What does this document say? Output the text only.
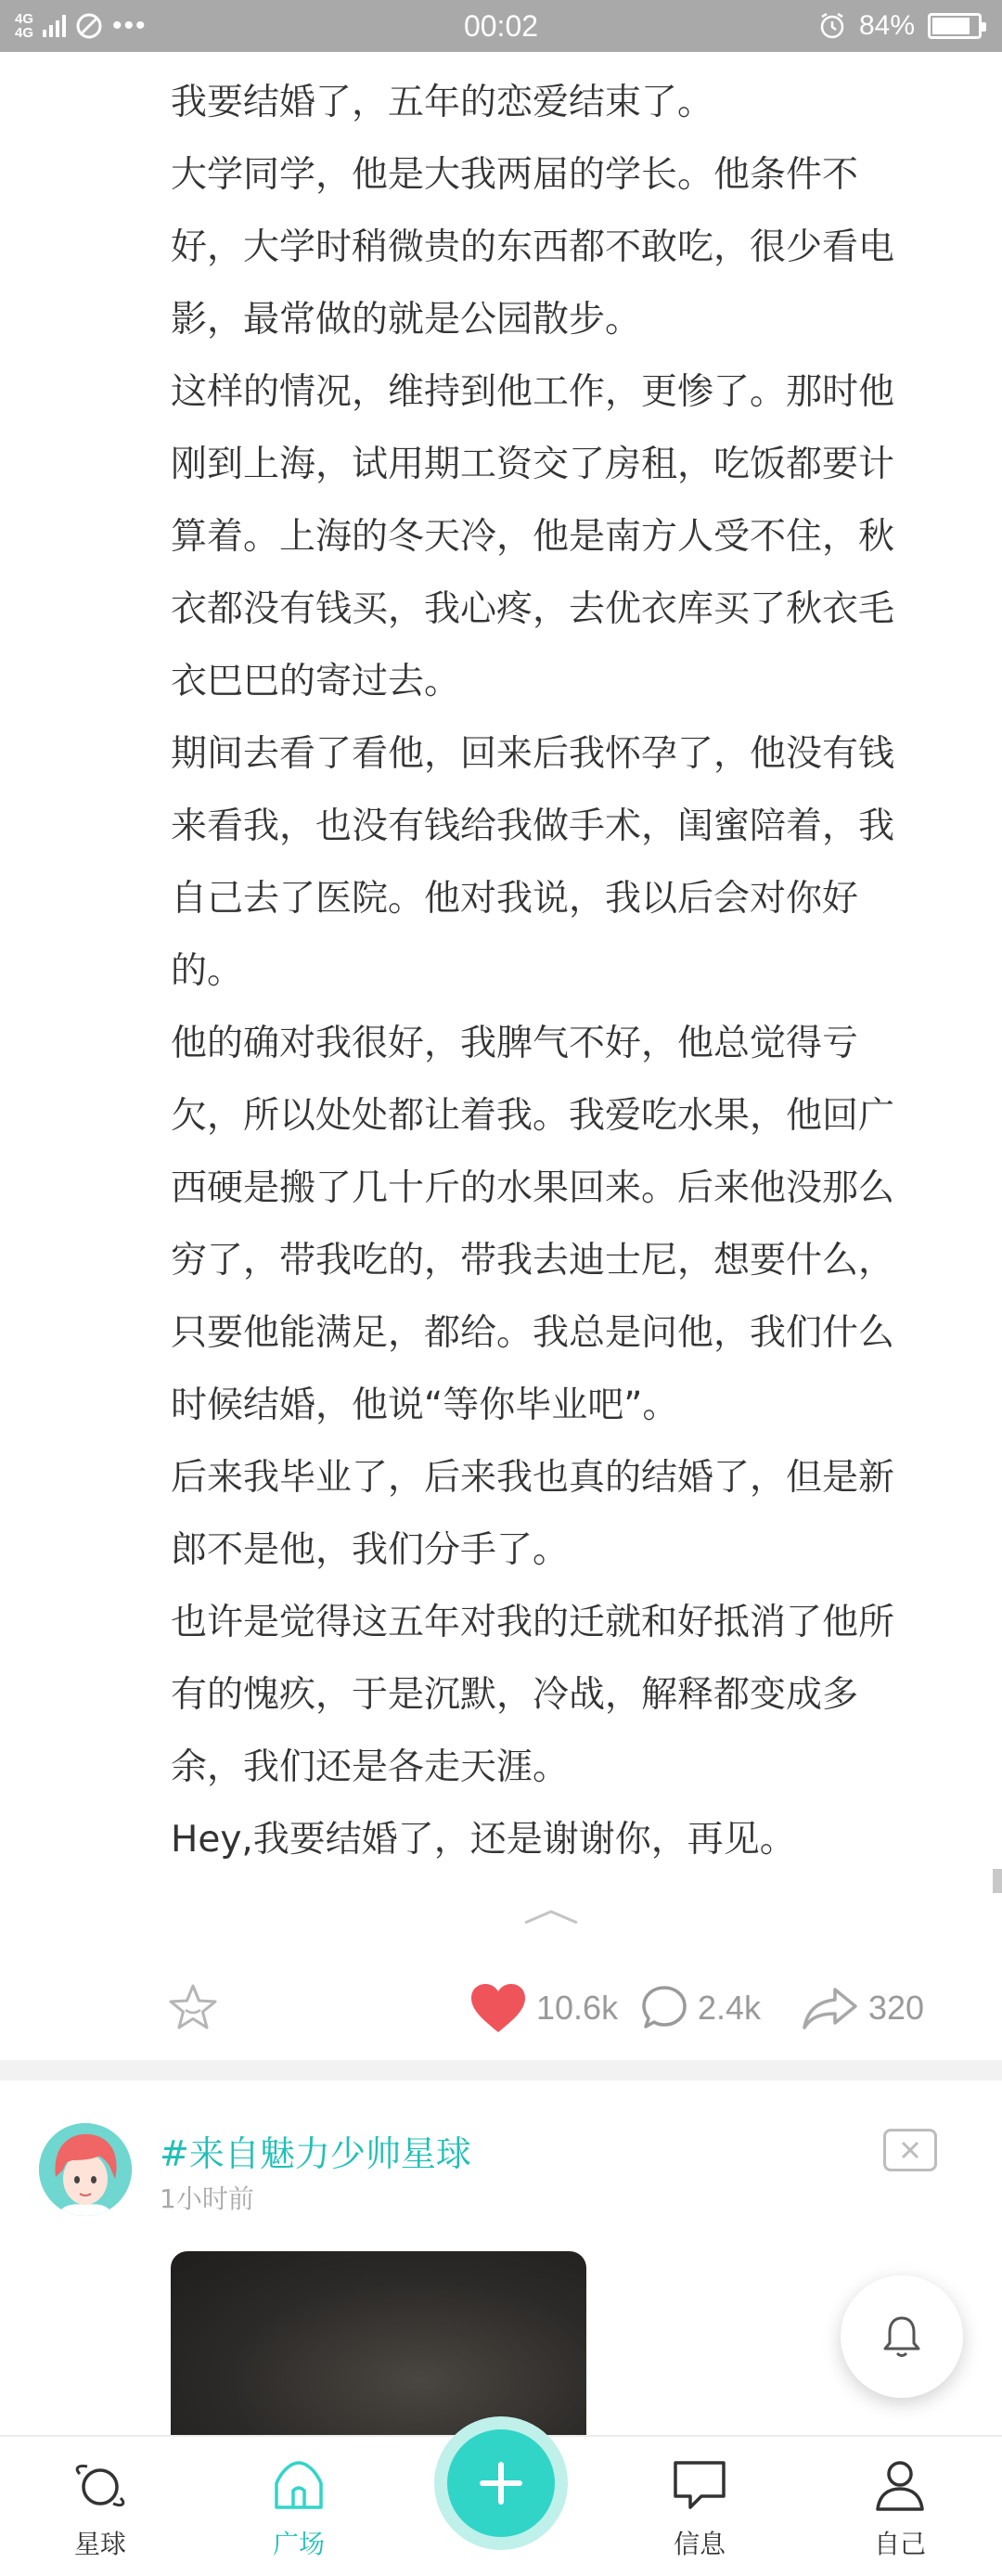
4G
4G	•••	00:02	84%

我要结婚了，五年的恋爱结束了。

大学同学，他是大我两届的学长。他条件不好，大学时稍微贵的东西都不敢吃，很少看电影，最常做的就是公园散步。

这样的情况，维持到他工作，更惨了。那时他刚到上海，试用期工资交了房租，吃饭都要计算着。上海的冬天冷，他是南方人受不住，秋衣都没有钱买，我心疼，去优衣库买了秋衣毛衣巴巴的寄过去。

期间去看了看他，回来后我怀孕了，他没有钱来看我，也没有钱给我做手术，闺蜜陪着，我自己去了医院。他对我说，我以后会对你好的。

他的确对我很好，我脾气不好，他总觉得亏欠，所以处处都让着我。我爱吃水果，他回广西硬是搬了几十斤的水果回来。后来他没那么穷了，带我吃的，带我去迪士尼，想要什么，只要他能满足，都给。我总是问他，我们什么时候结婚，他说“等你毕业吧”。

后来我毕业了，后来我也真的结婚了，但是新郎不是他，我们分手了。

也许是觉得这五年对我的迁就和好抵消了他所有的愧疚，于是沉默，冷战，解释都变成多余，我们还是各走天涯。

Hey,我要结婚了，还是谢谢你，再见。

10.6k 2.4k	320
#来自魅力少帅星球
1小时前
星球	广场	信息	自己
